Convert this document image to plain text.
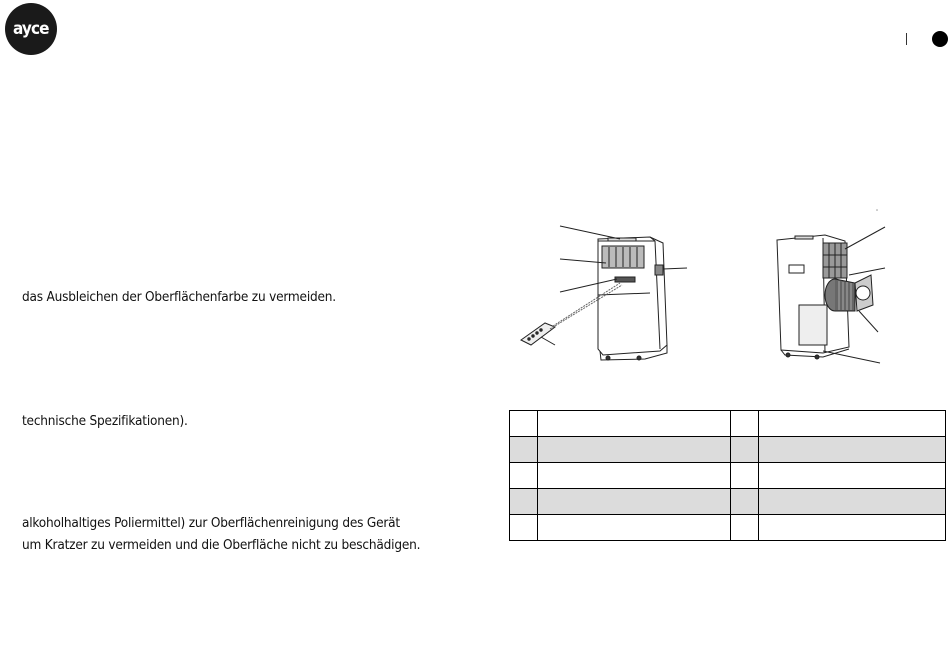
ayce
das Ausbleichen der Oberflächenfarbe zu vermeiden.
technische Spezifikationen).
alkoholhaltiges Poliermittel) zur Oberflächenreinigung des Gerät
um Kratzer zu vermeiden und die Oberfläche nicht zu beschädigen.
